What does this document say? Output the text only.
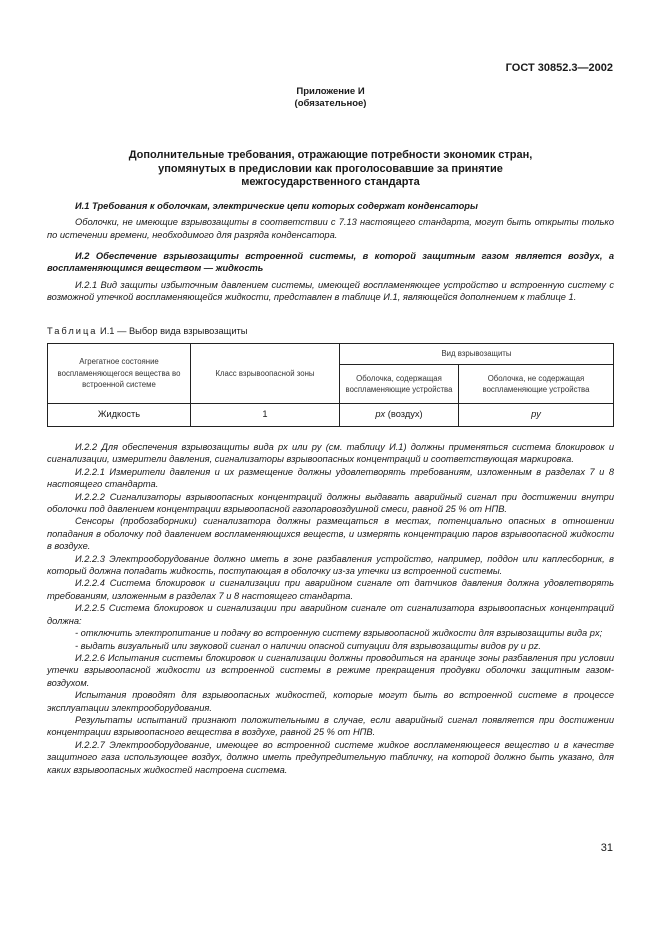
ГОСТ 30852.3—2002
Приложение И
(обязательное)
Дополнительные требования, отражающие потребности экономик стран, упомянутых в предисловии как проголосовавшие за принятие межгосударственного стандарта

И.1 Требования к оболочкам, электрические цепи которых содержат конденсаторы

Оболочки, не имеющие взрывозащиты в соответствии с 7.13 настоящего стандарта, могут быть открыты только по истечении времени, необходимого для разряда конденсатора.

И.2 Обеспечение взрывозащиты встроенной системы, в которой защитным газом является воздух, а воспламеняющимся веществом — жидкость

И.2.1 Вид защиты избыточным давлением системы, имеющей воспламеняющее устройство и встроенную систему с возможной утечкой воспламеняющейся жидкости, представлен в таблице И.1, являющейся дополнением к таблице 1.

Таблица И.1 — Выбор вида взрывозащиты
Агрегатное состояние воспламеняющегося вещества во встроенной системе	Класс взрывоопасной зоны	Вид взрывозащиты	
		Оболочка, содержащая воспламеняющие устройства	Оболочка, не содержащая воспламеняющие устройства
Жидкость	1	px (воздух)	py

И.2.2 Для обеспечения взрывозащиты вида px или py (см. таблицу И.1) должны применяться система блокировок и сигнализации, измерители давления, сигнализаторы взрывоопасных концентраций и соответствующая маркировка.

И.2.2.1 Измерители давления и их размещение должны удовлетворять требованиям, изложенным в разделах 7 и 8 настоящего стандарта.

И.2.2.2 Сигнализаторы взрывоопасных концентраций должны выдавать аварийный сигнал при достижении внутри оболочки под давлением концентрации взрывоопасной газопаровоздушной смеси, равной 25 % от НПВ.

Сенсоры (пробозаборники) сигнализатора должны размещаться в местах, потенциально опасных в отношении попадания в оболочку под давлением воспламеняющихся веществ, и измерять концентрацию паров взрывоопасной жидкости в воздухе.

И.2.2.3 Электрооборудование должно иметь в зоне разбавления устройство, например, поддон или каплесборник, в который должна попадать жидкость, поступающая в оболочку из-за утечки из встроенной системы.

И.2.2.4 Система блокировок и сигнализации при аварийном сигнале от датчиков давления должна удовлетворять требованиям, изложенным в разделах 7 и 8 настоящего стандарта.

И.2.2.5 Система блокировок и сигнализации при аварийном сигнале от сигнализатора взрывоопасных концентраций должна:

- отключить электропитание и подачу во встроенную систему взрывоопасной жидкости для взрывозащиты вида px;

- выдать визуальный или звуковой сигнал о наличии опасной ситуации для взрывозащиты видов py и pz.

И.2.2.6 Испытания системы блокировок и сигнализации должны проводиться на границе зоны разбавления при условии утечки взрывоопасной жидкости из встроенной системы в режиме прекращения продувки оболочки защитным газом-воздухом.

Испытания проводят для взрывоопасных жидкостей, которые могут быть во встроенной системе в процессе эксплуатации электрооборудования.

Результаты испытаний признают положительными в случае, если аварийный сигнал появляется при достижении концентрации взрывоопасного вещества в воздухе, равной 25 % от НПВ.

И.2.2.7 Электрооборудование, имеющее во встроенной системе жидкое воспламеняющееся вещество и в качестве защитного газа использующее воздух, должно иметь предупредительную табличку, на которой должно быть указано, для каких взрывоопасных жидкостей настроена система.

31
